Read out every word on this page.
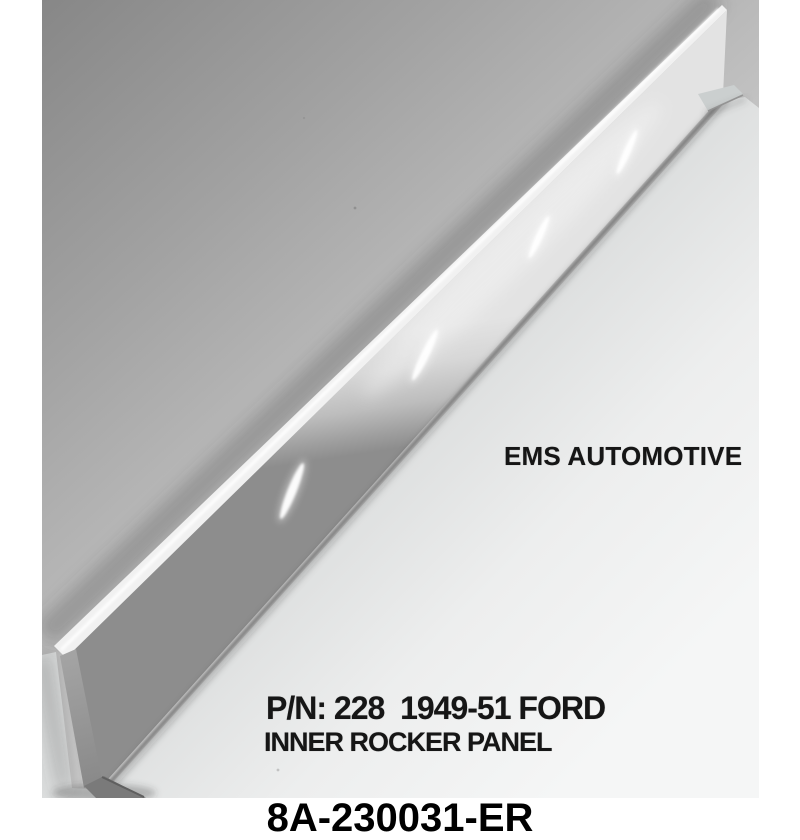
EMS AUTOMOTIVE
P/N: 228  1949-51 FORD
INNER ROCKER PANEL
8A-230031-ER
